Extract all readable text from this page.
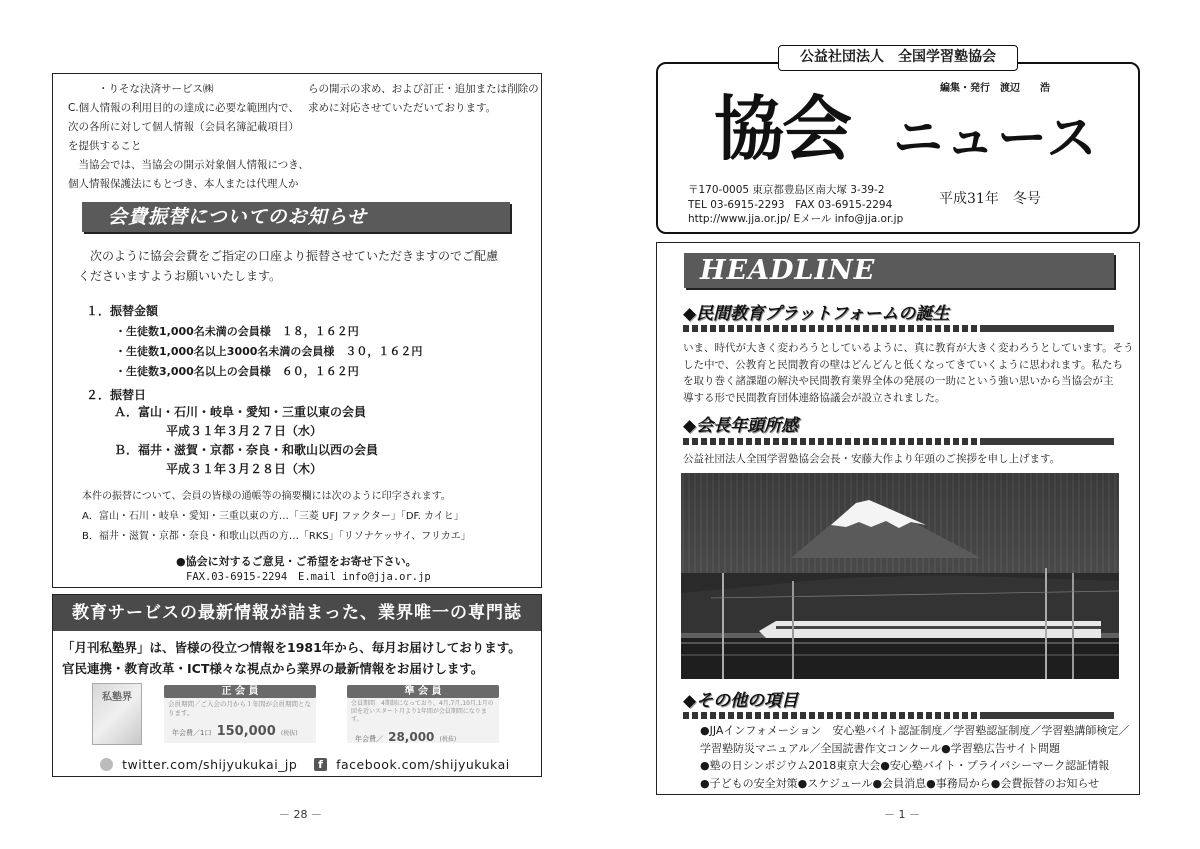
・りそな決済サービス㈱
C.個人情報の利用目的の達成に必要な範囲内で、
次の各所に対して個人情報（会員名簿記載項目）
を提供すること
　当協会では、当協会の開示対象個人情報につき、
個人情報保護法にもとづき、本人または代理人か
らの開示の求め、および訂正・追加または削除の
求めに対応させていただいております。
会費振替についてのお知らせ
次のように協会会費をご指定の口座より振替させていただきますのでご配慮
くださいますようお願いいたします。
１．振替金額
・生徒数1,000名未満の会員様　１８，１６２円
・生徒数1,000名以上3000名未満の会員様　３０，１６２円
・生徒数3,000名以上の会員様　６０，１６２円
２．振替日
Ａ．富山・石川・岐阜・愛知・三重以東の会員
平成３１年３月２７日（水）
Ｂ．福井・滋賀・京都・奈良・和歌山以西の会員
平成３１年３月２８日（木）
本件の振替について、会員の皆様の通帳等の摘要欄には次のように印字されます。
A．富山・石川・岐阜・愛知・三重以東の方…「三菱 UFJ ファクター」「DF. カイヒ」
B．福井・滋賀・京都・奈良・和歌山以西の方…「RKS」「リソナケッサイ、フリカエ」
●協会に対するご意見・ご希望をお寄せ下さい。
FAX.03-6915-2294 E.mail info@jja.or.jp
教育サービスの最新情報が詰まった、業界唯一の専門誌
「月刊私塾界」は、皆様の役立つ情報を1981年から、毎月お届けしております。
官民連携・教育改革・ICT様々な視点から業界の最新情報をお届けします。
私塾界
正 会 員
会員期間／ご入会の月から１年間が会員期間となります。
年会費／1口 150,000 (税抜)
準 会 員
会員期間　4期制になっており、4月,7月,10月,1月の回を近いスタート月より1年間が会員期間になります。
年会費／ 28,000 (税抜)
twitter.com/shijyukukai_jp	f facebook.com/shijyukukai
－ 28 －
公益社団法人　全国学習塾協会
編集・発行　渡辺　　浩
協会 ニュース
〒170-0005 東京都豊島区南大塚 3-39-2
TEL 03-6915-2293　FAX 03-6915-2294
http://www.jja.or.jp/ Eメール info@jja.or.jp
平成31年　冬号
HEADLINE
◆民間教育プラットフォームの誕生
いま、時代が大きく変わろうとしているように、真に教育が大きく変わろうとしています。そう
した中で、公教育と民間教育の壁はどんどんと低くなってきていくように思われます。私たち
を取り巻く諸課題の解決や民間教育業界全体の発展の一助にという強い思いから当協会が主
導する形で民間教育団体連絡協議会が設立されました。
◆会長年頭所感
公益社団法人全国学習塾協会会長・安藤大作より年頭のご挨拶を申し上げます。
◆その他の項目
●JJAインフォメーション　安心塾バイト認証制度／学習塾認証制度／学習塾講師検定／
学習塾防災マニュアル／全国読書作文コンクール●学習塾広告サイト問題
●塾の日シンポジウム2018東京大会●安心塾バイト・プライバシーマーク認証情報
●子どもの安全対策●スケジュール●会員消息●事務局から●会費振替のお知らせ
－ 1 －
